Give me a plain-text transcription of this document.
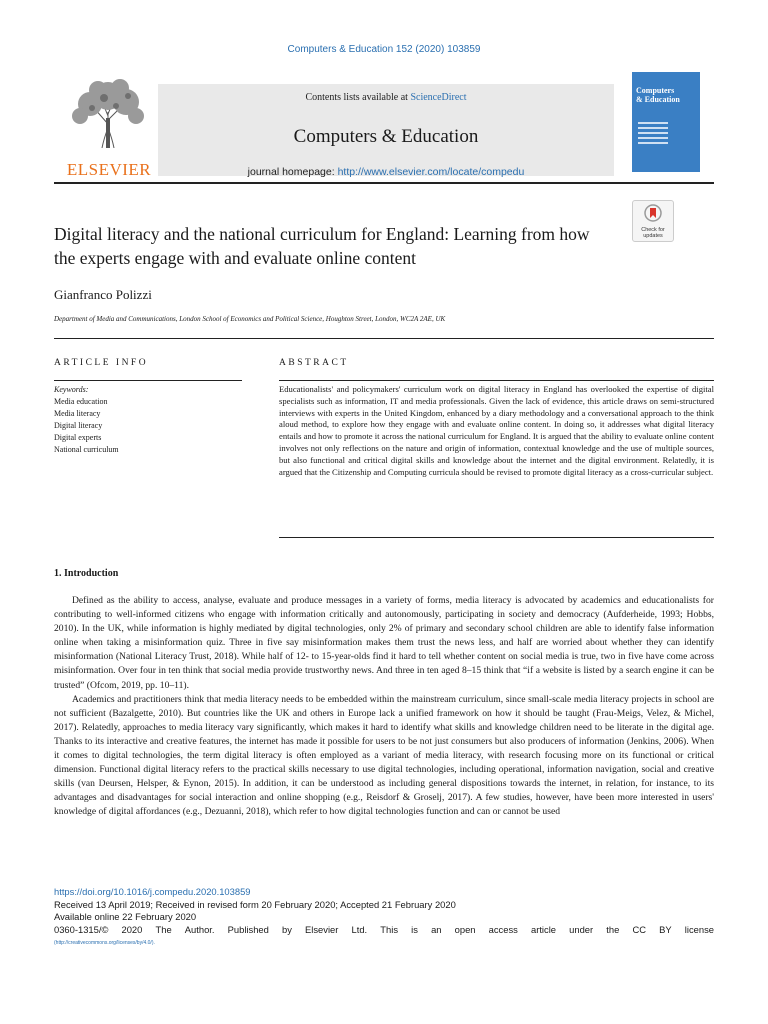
Computers & Education 152 (2020) 103859
ELSEVIER
Contents lists available at ScienceDirect
Computers & Education
journal homepage: http://www.elsevier.com/locate/compedu
Computers
& Education
Digital literacy and the national curriculum for England: Learning from how the experts engage with and evaluate online content
Check for
updates
Gianfranco Polizzi
Department of Media and Communications, London School of Economics and Political Science, Houghton Street, London, WC2A 2AE, UK
ARTICLE INFO	ABSTRACT
Keywords:
Media education
Media literacy
Digital literacy
Digital experts
National curriculum
Educationalists' and policymakers' curriculum work on digital literacy in England has overlooked the expertise of digital specialists such as information, IT and media professionals. Given the lack of evidence, this article draws on semi-structured interviews with experts in the United Kingdom, enhanced by a diary methodology and a conversational approach to the think aloud method, to explore how they engage with and evaluate online content. In doing so, it addresses what digital literacy entails and how to promote it across the national curriculum for England. It is argued that the ability to evaluate online content involves not only reflections on the nature and origin of information, contextual knowledge and the use of multiple sources, but also functional and critical digital skills and knowledge about the internet and the digital environment. Relatedly, it is argued that the Citizenship and Computing curricula should be revised to promote digital literacy as a cross-curricular subject.
1. Introduction

Defined as the ability to access, analyse, evaluate and produce messages in a variety of forms, media literacy is advocated by academics and educationalists for contributing to well-informed citizens who engage with information critically and autonomously, participating in society and democracy (Aufderheide, 1993; Hobbs, 2010). In the UK, while information is highly mediated by digital technologies, only 2% of primary and secondary school children are able to identify false information online when taking a misinformation quiz. Three in five say misinformation makes them trust the news less, and half are worried about whether they can identify misinformation (National Literacy Trust, 2018). While half of 12- to 15-year-olds find it hard to tell whether content on social media is true, two in five have come across misinformation. Over four in ten think that social media provide trustworthy news. And three in ten aged 8–15 think that “if a website is listed by a search engine it can be trusted” (Ofcom, 2019, pp. 10–11).

Academics and practitioners think that media literacy needs to be embedded within the mainstream curriculum, since small-scale media literacy projects in school are not sufficient (Bazalgette, 2010). But countries like the UK and others in Europe lack a unified framework on how it should be taught (Frau-Meigs, Velez, & Michel, 2017). Relatedly, approaches to media literacy vary significantly, which makes it hard to identify what skills and knowledge children need to be literate in the digital age. Thanks to its interactive and creative features, the internet has made it possible for users to be not just consumers but also producers of information (Jenkins, 2006). When it comes to digital technologies, the term digital literacy is often employed as a variant of media literacy, with research focusing more on its functional or critical dimension. Functional digital literacy refers to the practical skills necessary to use digital technologies, including operational, information navigation, social and creative skills (van Deursen, Helsper, & Eynon, 2015). In addition, it can be understood as including general dispositions towards the internet, in relation, for instance, to its advantages and disadvantages for social interaction and online shopping (e.g., Reisdorf & Groselj, 2017). A few studies, however, have been more interested in users' knowledge of digital affordances (e.g., Dezuanni, 2018), which refer to how digital technologies function and can or cannot be used

https://doi.org/10.1016/j.compedu.2020.103859
Received 13 April 2019; Received in revised form 20 February 2020; Accepted 21 February 2020
Available online 22 February 2020
0360-1315/© 2020 The Author. Published by Elsevier Ltd. This is an open access article under the CC BY license
(http://creativecommons.org/licenses/by/4.0/).
